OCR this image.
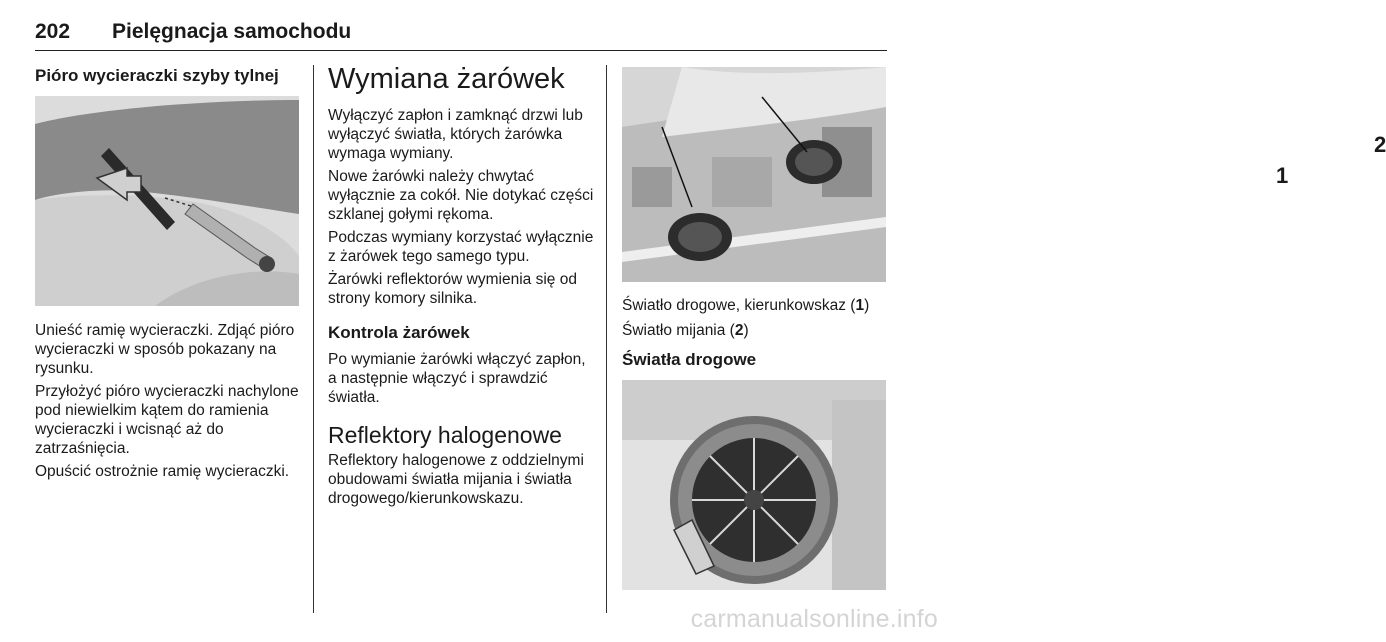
202 Pielęgnacja samochodu
Pióro wycieraczki szyby tylnej

Unieść ramię wycieraczki. Zdjąć pióro wycieraczki w sposób pokazany na rysunku.

Przyłożyć pióro wycieraczki nachylone pod niewielkim kątem do ramienia wycieraczki i wcisnąć aż do zatrzaśnięcia.

Opuścić ostrożnie ramię wycieraczki.

Wymiana żarówek

Wyłączyć zapłon i zamknąć drzwi lub wyłączyć światła, których żarówka wymaga wymiany.

Nowe żarówki należy chwytać wyłącznie za cokół. Nie dotykać części szklanej gołymi rękoma.

Podczas wymiany korzystać wyłącznie z żarówek tego samego typu.

Żarówki reflektorów wymienia się od strony komory silnika.

Kontrola żarówek

Po wymianie żarówki włączyć zapłon, a następnie włączyć i sprawdzić światła.

Reflektory halogenowe

Reflektory halogenowe z oddzielnymi obudowami światła mijania i światła drogowego/kierunkowskazu.

1
2

Światło drogowe, kierunkowskaz (1)

Światło mijania (2)

Światła drogowe
carmanualsonline.info
